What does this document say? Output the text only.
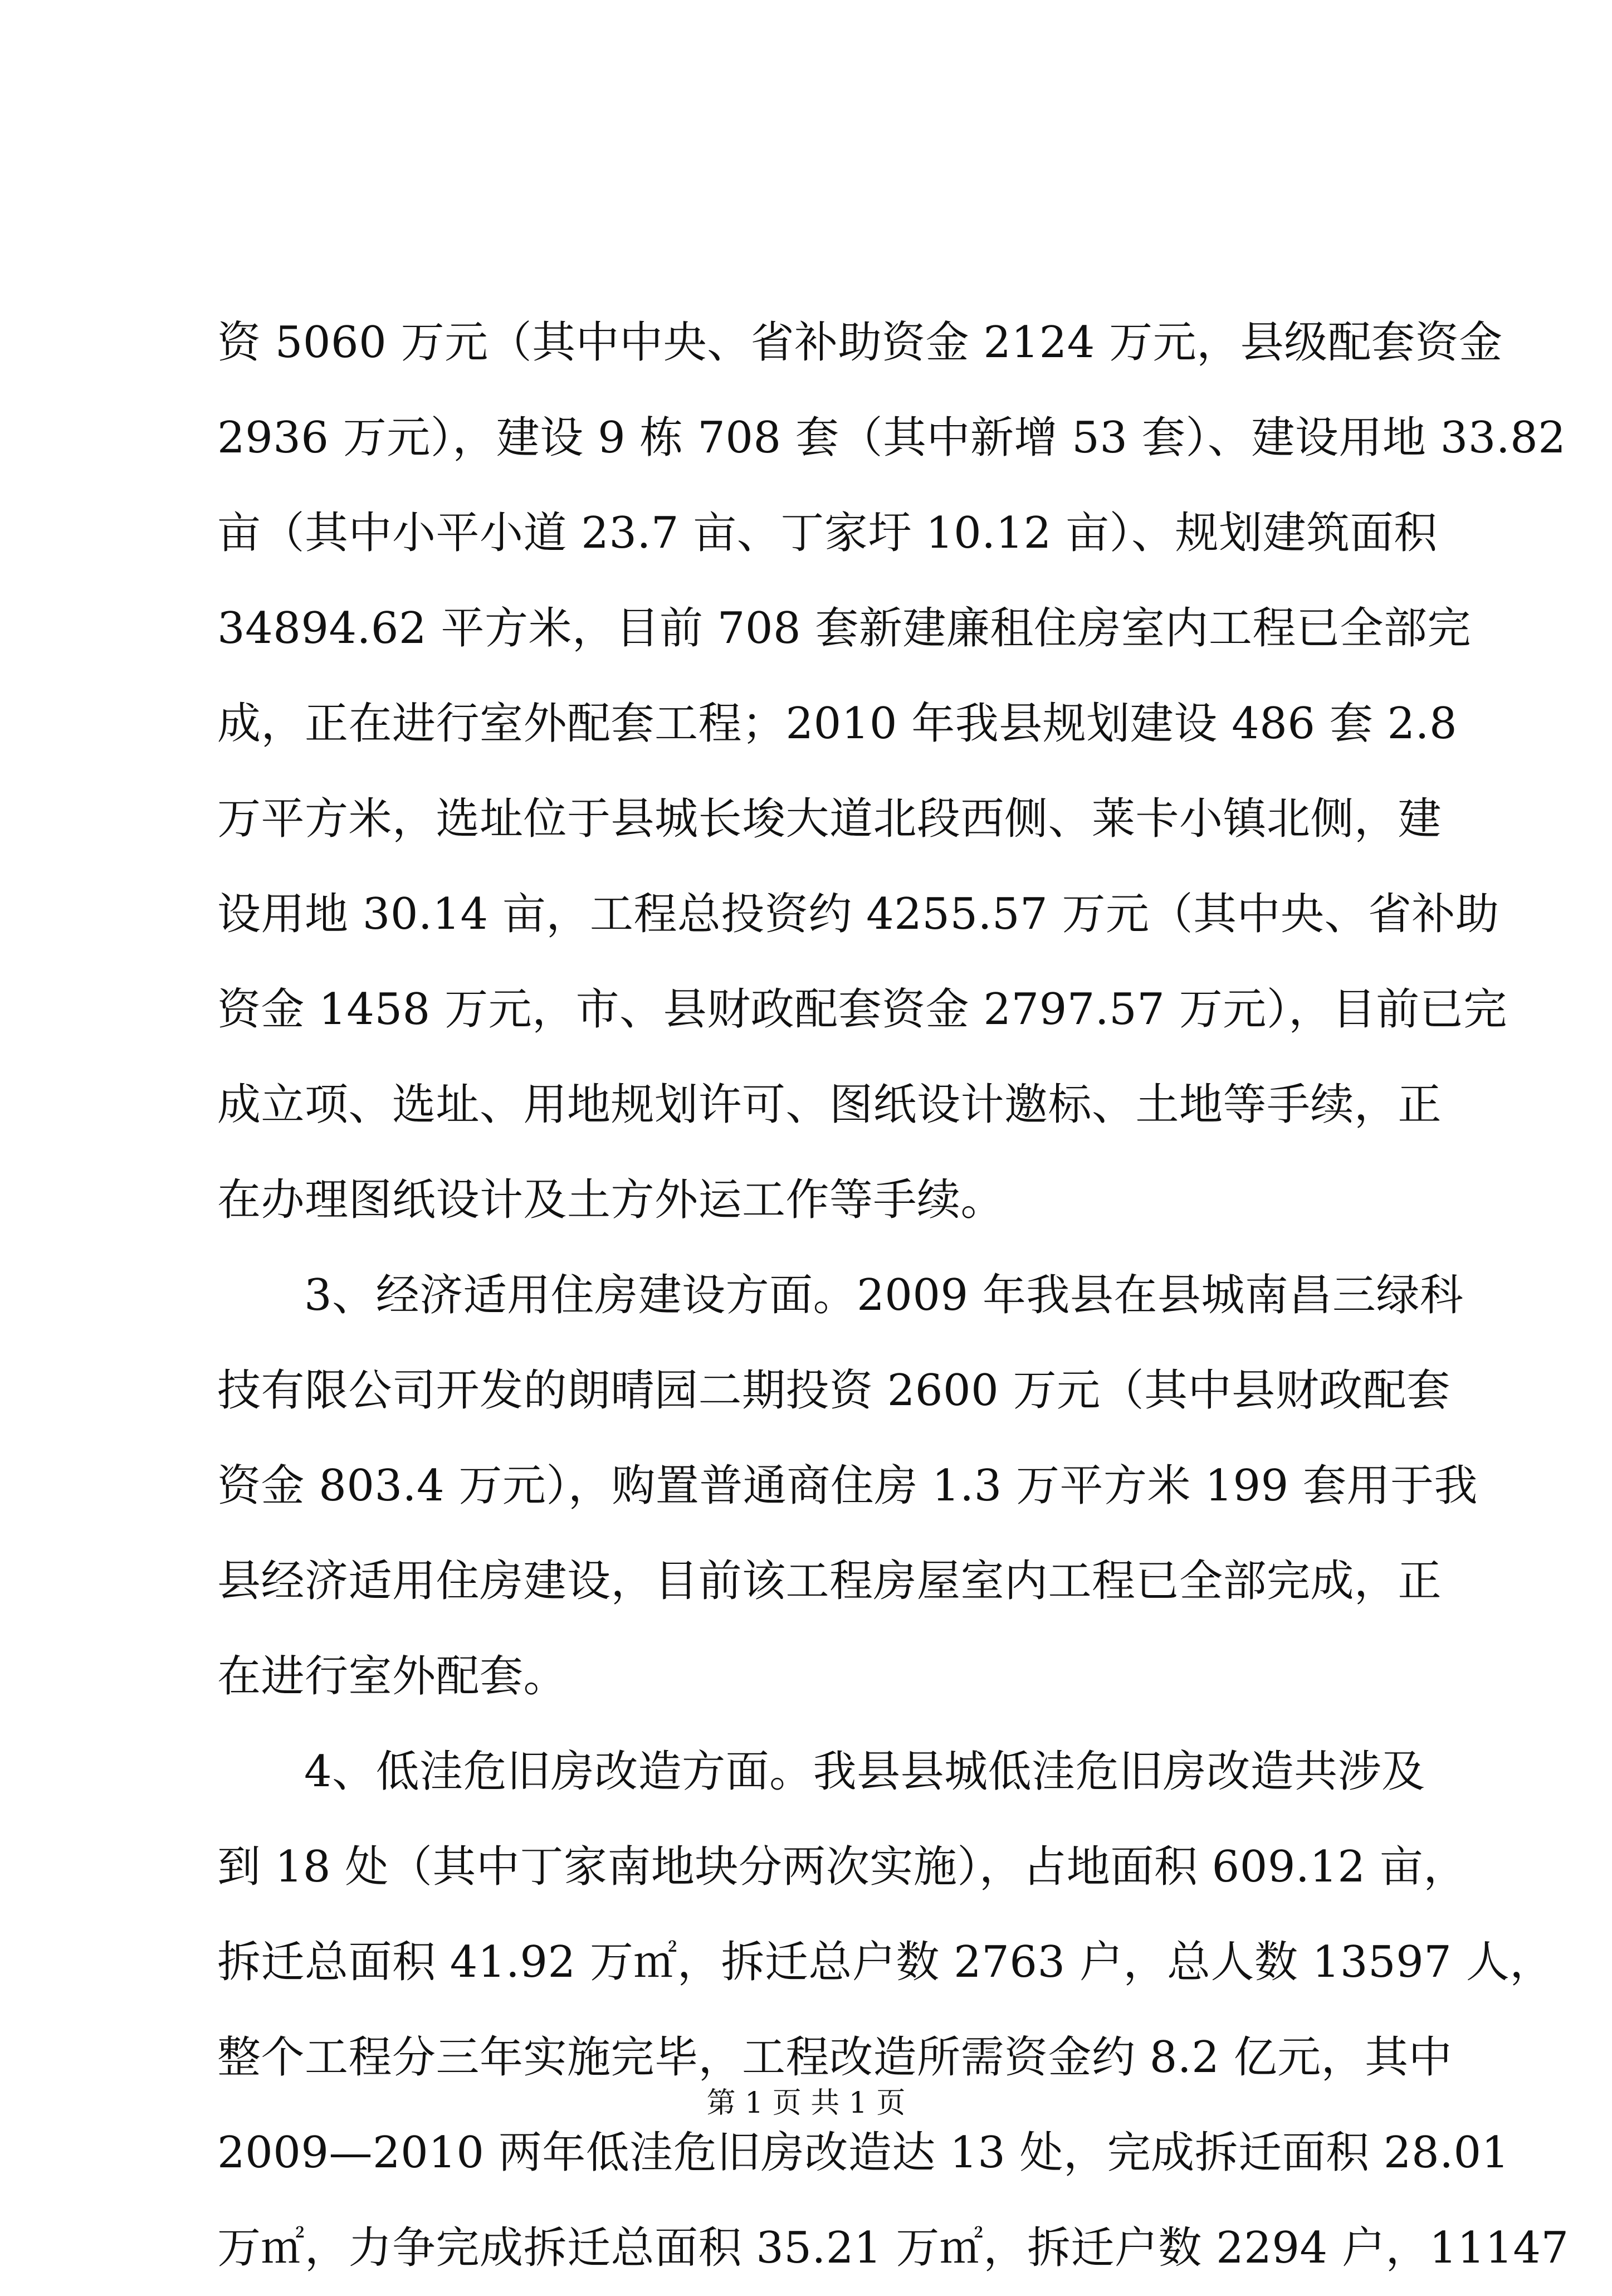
资 5060 万元（其中中央、省补助资金 2124 万元，县级配套资金
2936 万元），建设 9 栋 708 套（其中新增 53 套）、建设用地 33.82
亩（其中小平小道 23.7 亩、丁家圩 10.12 亩）、规划建筑面积
34894.62 平方米，目前 708 套新建廉租住房室内工程已全部完
成，正在进行室外配套工程；2010 年我县规划建设 486 套 2.8
万平方米，选址位于县城长埈大道北段西侧、莱卡小镇北侧，建
设用地 30.14 亩，工程总投资约 4255.57 万元（其中央、省补助
资金 1458 万元，市、县财政配套资金 2797.57 万元），目前已完
成立项、选址、用地规划许可、图纸设计邀标、土地等手续，正
在办理图纸设计及土方外运工作等手续。
3、经济适用住房建设方面。2009 年我县在县城南昌三绿科
技有限公司开发的朗晴园二期投资 2600 万元（其中县财政配套
资金 803.4 万元），购置普通商住房 1.3 万平方米 199 套用于我
县经济适用住房建设，目前该工程房屋室内工程已全部完成，正
在进行室外配套。
4、低洼危旧房改造方面。我县县城低洼危旧房改造共涉及
到 18 处（其中丁家南地块分两次实施），占地面积 609.12 亩，
拆迁总面积 41.92 万㎡，拆迁总户数 2763 户，总人数 13597 人，
整个工程分三年实施完毕，工程改造所需资金约 8.2 亿元，其中
2009—2010 两年低洼危旧房改造达 13 处，完成拆迁面积 28.01
万㎡，力争完成拆迁总面积 35.21 万㎡，拆迁户数 2294 户，11147
第 1 页 共 1 页
